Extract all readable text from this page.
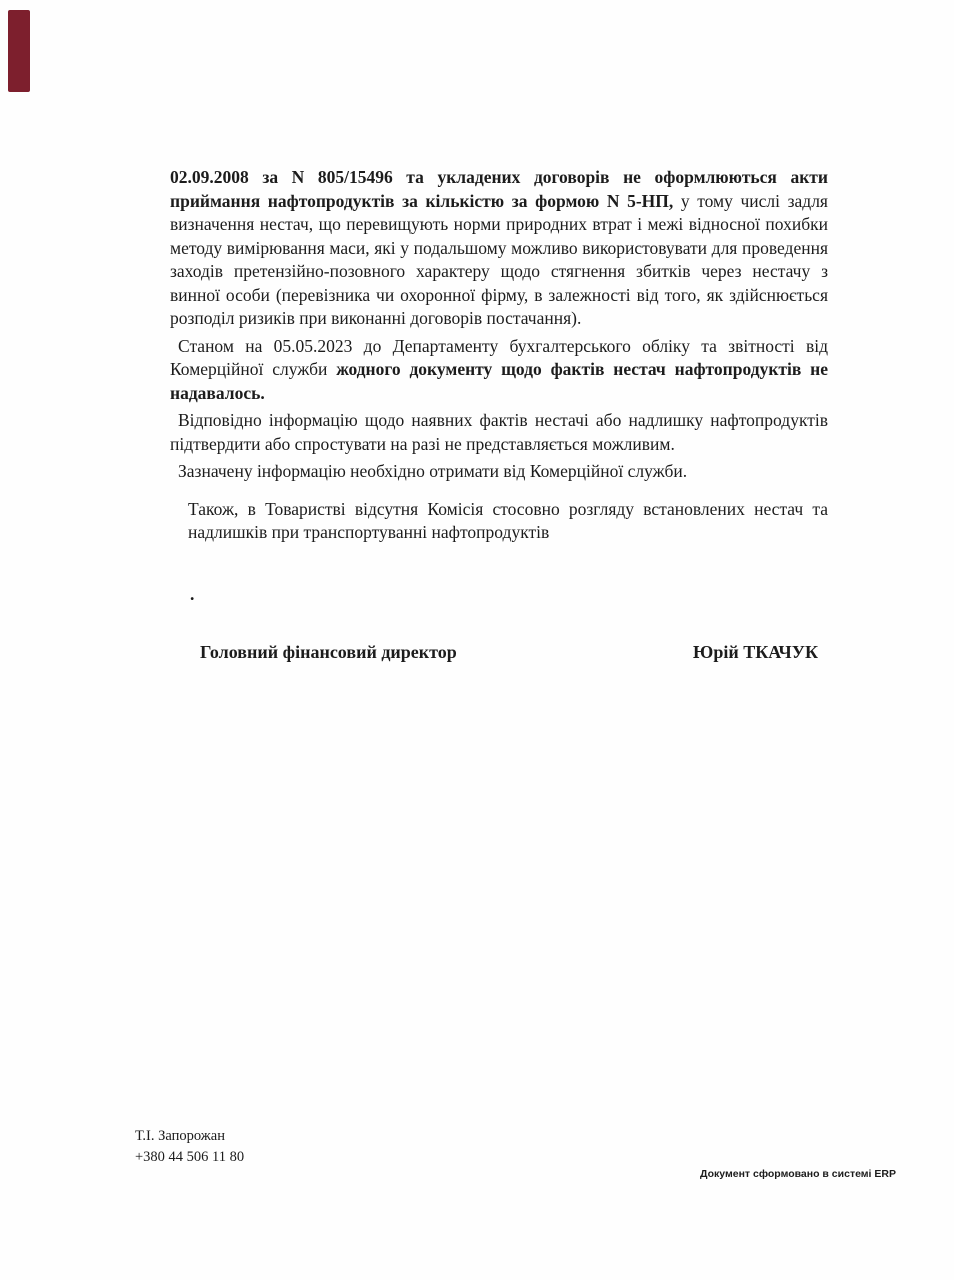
02.09.2008 за N 805/15496 та укладених договорів не оформлюються акти приймання нафтопродуктів за кількістю за формою N 5-НП, у тому числі задля визначення нестач, що перевищують норми природних втрат і межі відносної похибки методу вимірювання маси, які у подальшому можливо використовувати для проведення заходів претензійно-позовного характеру щодо стягнення збитків через нестачу з винної особи (перевізника чи охоронної фірму, в залежності від того, як здійснюється розподіл ризиків при виконанні договорів постачання).

Станом на 05.05.2023 до Департаменту бухгалтерського обліку та звітності від Комерційної служби жодного документу щодо фактів нестач нафтопродуктів не надавалось.

Відповідно інформацію щодо наявних фактів нестачі або надлишку нафтопродуктів підтвердити або спростувати на разі не представляється можливим.

Зазначену інформацію необхідно отримати від Комерційної служби.

Також, в Товаристві відсутня Комісія стосовно розгляду встановлених нестач та надлишків при транспортуванні нафтопродуктів

.
Головний фінансовий директор	Юрій ТКАЧУК
Т.І. Запорожан
+380 44 506 11 80
Документ сформовано в системі ERP
